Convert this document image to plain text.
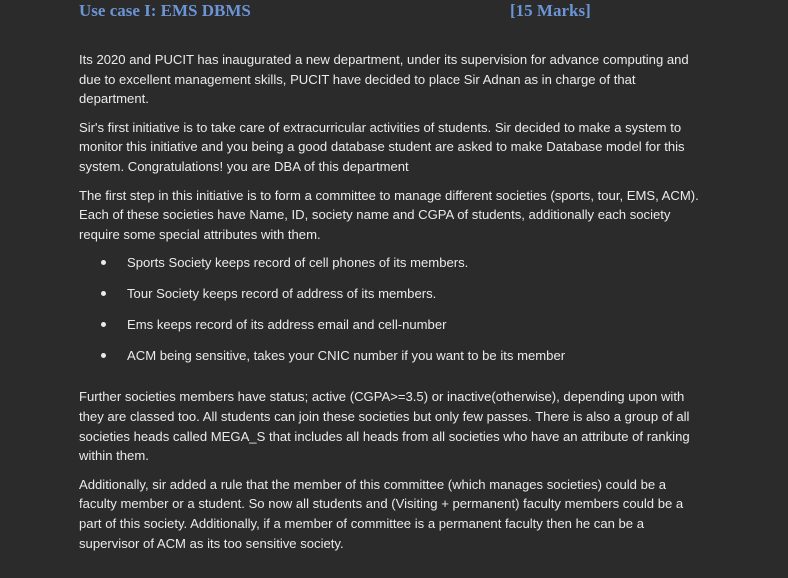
Use case I: EMS DBMS	[15 Marks]

Its 2020 and PUCIT has inaugurated a new department, under its supervision for advance computing and due to excellent management skills, PUCIT have decided to place Sir Adnan as in charge of that department.

Sir's first initiative is to take care of extracurricular activities of students. Sir decided to make a system to monitor this initiative and you being a good database student are asked to make Database model for this system. Congratulations! you are DBA of this department

The first step in this initiative is to form a committee to manage different societies (sports, tour, EMS, ACM). Each of these societies have Name, ID, society name and CGPA of students, additionally each society require some special attributes with them.

Sports Society keeps record of cell phones of its members.
Tour Society keeps record of address of its members.
Ems keeps record of its address email and cell-number
ACM being sensitive, takes your CNIC number if you want to be its member

Further societies members have status; active (CGPA>=3.5) or inactive(otherwise), depending upon with they are classed too. All students can join these societies but only few passes. There is also a group of all societies heads called MEGA_S that includes all heads from all societies who have an attribute of ranking within them.

Additionally, sir added a rule that the member of this committee (which manages societies) could be a faculty member or a student. So now all students and (Visiting + permanent) faculty members could be a part of this society. Additionally, if a member of committee is a permanent faculty then he can be a supervisor of ACM as its too sensitive society.
